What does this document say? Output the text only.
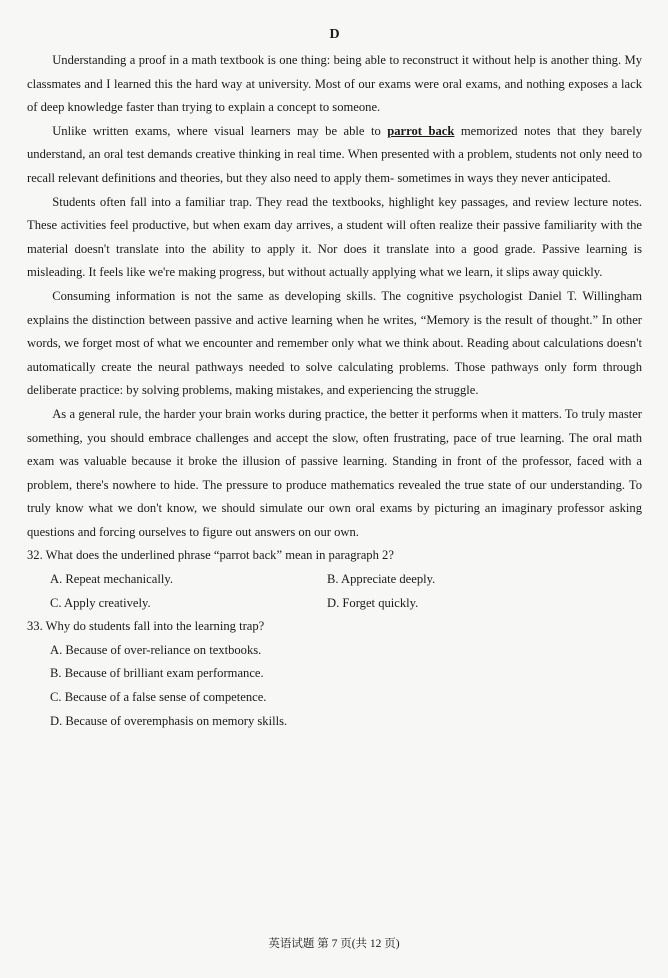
D

Understanding a proof in a math textbook is one thing: being able to reconstruct it without help is another thing. My classmates and I learned this the hard way at university. Most of our exams were oral exams, and nothing exposes a lack of deep knowledge faster than trying to explain a concept to someone.

Unlike written exams, where visual learners may be able to parrot back memorized notes that they barely understand, an oral test demands creative thinking in real time. When presented with a problem, students not only need to recall relevant definitions and theories, but they also need to apply them- sometimes in ways they never anticipated.

Students often fall into a familiar trap. They read the textbooks, highlight key passages, and review lecture notes. These activities feel productive, but when exam day arrives, a student will often realize their passive familiarity with the material doesn't translate into the ability to apply it. Nor does it translate into a good grade. Passive learning is misleading. It feels like we're making progress, but without actually applying what we learn, it slips away quickly.

Consuming information is not the same as developing skills. The cognitive psychologist Daniel T. Willingham explains the distinction between passive and active learning when he writes, “Memory is the result of thought.” In other words, we forget most of what we encounter and remember only what we think about. Reading about calculations doesn't automatically create the neural pathways needed to solve calculating problems. Those pathways only form through deliberate practice: by solving problems, making mistakes, and experiencing the struggle.

As a general rule, the harder your brain works during practice, the better it performs when it matters. To truly master something, you should embrace challenges and accept the slow, often frustrating, pace of true learning. The oral math exam was valuable because it broke the illusion of passive learning. Standing in front of the professor, faced with a problem, there's nowhere to hide. The pressure to produce mathematics revealed the true state of our understanding. To truly know what we don't know, we should simulate our own oral exams by picturing an imaginary professor asking questions and forcing ourselves to figure out answers on our own.

32. What does the underlined phrase “parrot back” mean in paragraph 2?

A. Repeat mechanically.	B. Appreciate deeply.
C. Apply creatively.	D. Forget quickly.

33. Why do students fall into the learning trap?

A. Because of over-reliance on textbooks.
B. Because of brilliant exam performance.
C. Because of a false sense of competence.
D. Because of overemphasis on memory skills.
英语试题 第 7 页(共 12 页)
